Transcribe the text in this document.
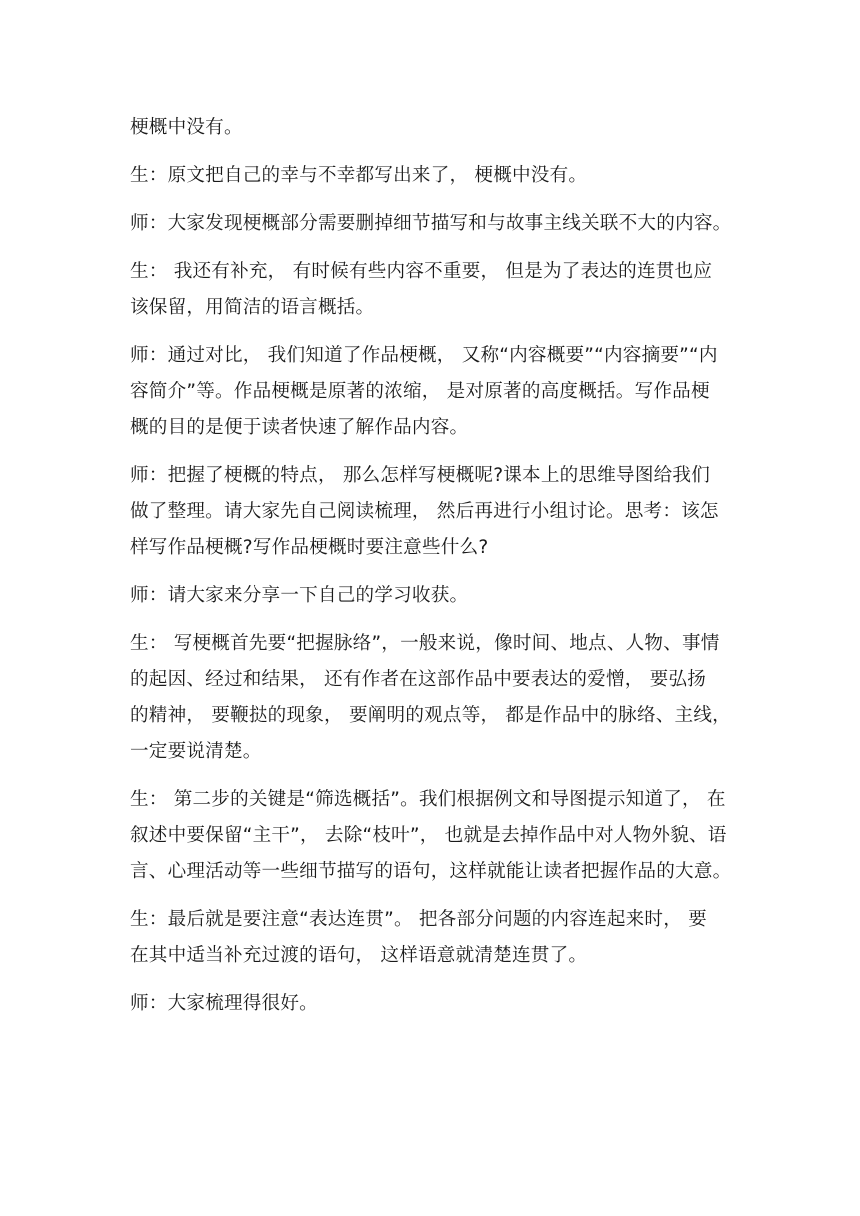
梗概中没有。
生：原文把自己的幸与不幸都写出来了， 梗概中没有。
师：大家发现梗概部分需要删掉细节描写和与故事主线关联不大的内容。
生： 我还有补充， 有时候有些内容不重要， 但是为了表达的连贯也应
该保留，用简洁的语言概括。
师：通过对比， 我们知道了作品梗概， 又称“内容概要”“内容摘要”“内
容简介”等。作品梗概是原著的浓缩， 是对原著的高度概括。写作品梗
概的目的是便于读者快速了解作品内容。
师：把握了梗概的特点， 那么怎样写梗概呢?课本上的思维导图给我们
做了整理。请大家先自己阅读梳理， 然后再进行小组讨论。思考：该怎
样写作品梗概?写作品梗概时要注意些什么?
师：请大家来分享一下自己的学习收获。
生： 写梗概首先要“把握脉络”，一般来说，像时间、地点、人物、事情
的起因、经过和结果， 还有作者在这部作品中要表达的爱憎， 要弘扬
的精神， 要鞭挞的现象， 要阐明的观点等， 都是作品中的脉络、主线，
一定要说清楚。
生： 第二步的关键是“筛选概括”。我们根据例文和导图提示知道了， 在
叙述中要保留“主干”， 去除“枝叶”， 也就是去掉作品中对人物外貌、语
言、心理活动等一些细节描写的语句，这样就能让读者把握作品的大意。
生：最后就是要注意“表达连贯”。 把各部分问题的内容连起来时， 要
在其中适当补充过渡的语句， 这样语意就清楚连贯了。
师：大家梳理得很好。
